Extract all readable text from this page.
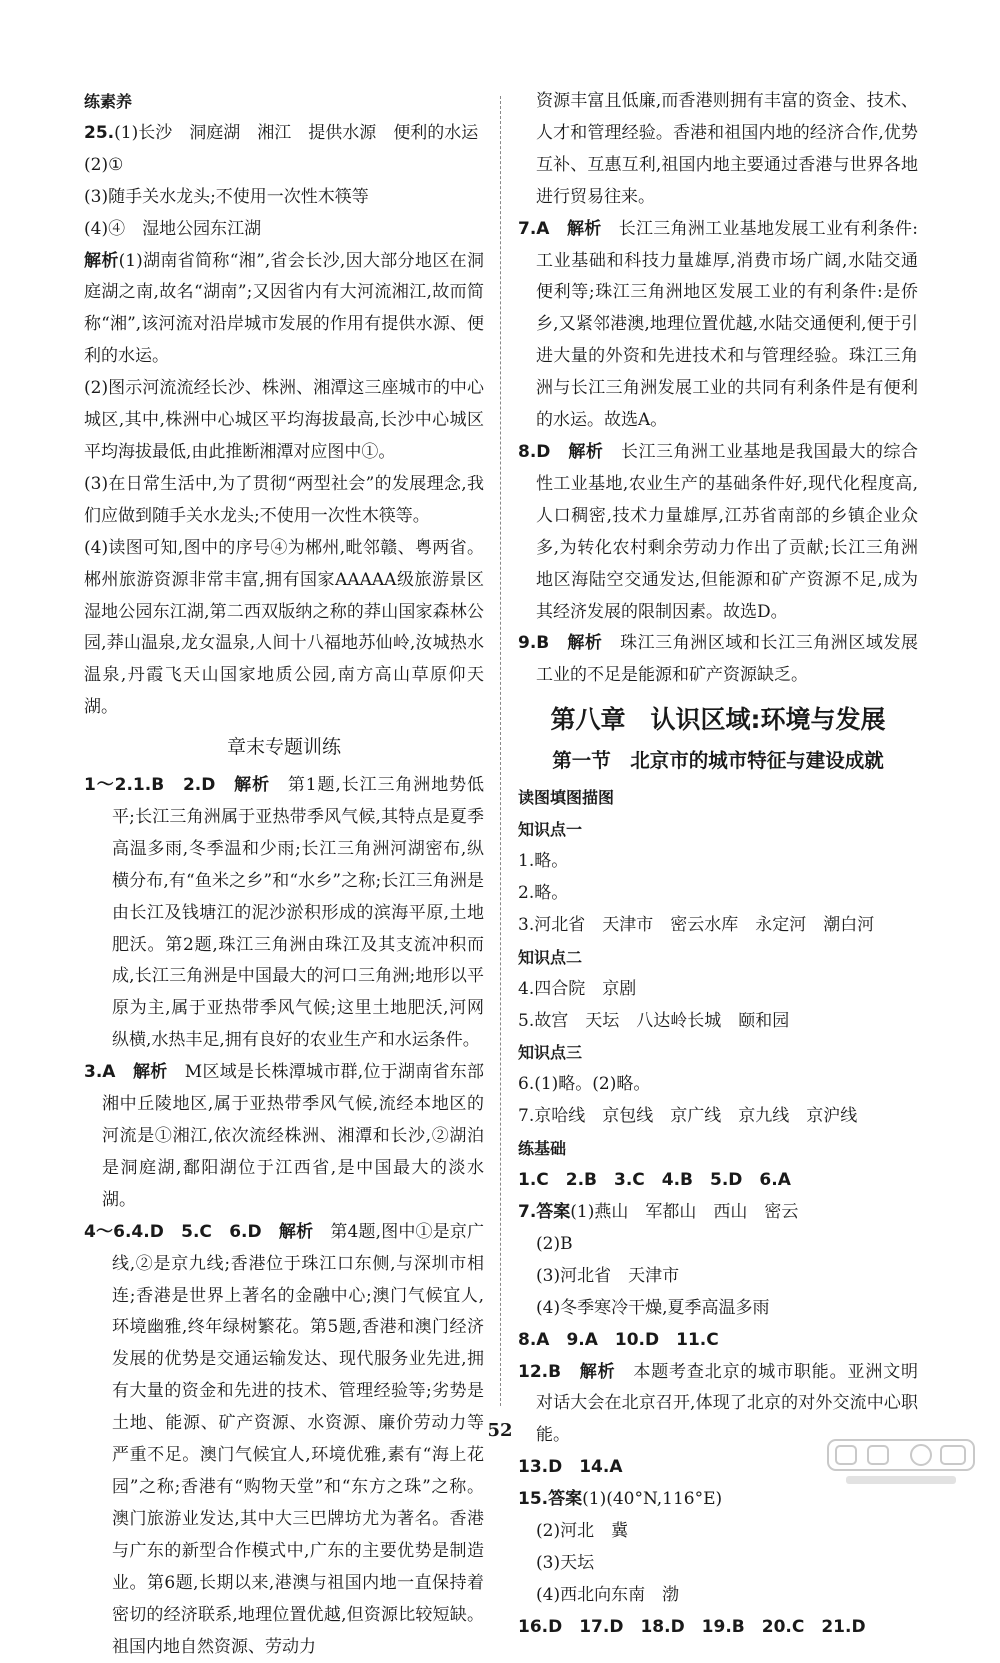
练素养

25.(1)长沙　洞庭湖　湘江　提供水源　便利的水运

(2)①

(3)随手关水龙头;不使用一次性木筷等

(4)④　湿地公园东江湖

解析(1)湖南省简称“湘”,省会长沙,因大部分地区在洞庭湖之南,故名“湖南”;又因省内有大河流湘江,故而简称“湘”,该河流对沿岸城市发展的作用有提供水源、便利的水运。

(2)图示河流流经长沙、株洲、湘潭这三座城市的中心城区,其中,株洲中心城区平均海拔最高,长沙中心城区平均海拔最低,由此推断湘潭对应图中①。

(3)在日常生活中,为了贯彻“两型社会”的发展理念,我们应做到随手关水龙头;不使用一次性木筷等。

(4)读图可知,图中的序号④为郴州,毗邻赣、粤两省。郴州旅游资源非常丰富,拥有国家AAAAA级旅游景区湿地公园东江湖,第二西双版纳之称的莽山国家森林公园,莽山温泉,龙女温泉,人间十八福地苏仙岭,汝城热水温泉,丹霞飞天山国家地质公园,南方高山草原仰天湖。

章末专题训练

1～2.1.B　2.D　 解析　 第1题,长江三角洲地势低平;长江三角洲属于亚热带季风气候,其特点是夏季高温多雨,冬季温和少雨;长江三角洲河湖密布,纵横分布,有“鱼米之乡”和“水乡”之称;长江三角洲是由长江及钱塘江的泥沙淤积形成的滨海平原,土地肥沃。第2题,珠江三角洲由珠江及其支流冲积而成,长江三角洲是中国最大的河口三角洲;地形以平原为主,属于亚热带季风气候;这里土地肥沃,河网纵横,水热丰足,拥有良好的农业生产和水运条件。

3.A　 解析　 M区域是长株潭城市群,位于湖南省东部湘中丘陵地区,属于亚热带季风气候,流经本地区的河流是①湘江,依次流经株洲、湘潭和长沙,②湖泊是洞庭湖,鄱阳湖位于江西省,是中国最大的淡水湖。

4～6.4.D　5.C　6.D　 解析　 第4题,图中①是京广线,②是京九线;香港位于珠江口东侧,与深圳市相连;香港是世界上著名的金融中心;澳门气候宜人,环境幽雅,终年绿树繁花。第5题,香港和澳门经济发展的优势是交通运输发达、现代服务业先进,拥有大量的资金和先进的技术、管理经验等;劣势是土地、能源、矿产资源、水资源、廉价劳动力等严重不足。澳门气候宜人,环境优雅,素有“海上花园”之称;香港有“购物天堂”和“东方之珠”之称。澳门旅游业发达,其中大三巴牌坊尤为著名。香港与广东的新型合作模式中,广东的主要优势是制造业。第6题,长期以来,港澳与祖国内地一直保持着密切的经济联系,地理位置优越,但资源比较短缺。祖国内地自然资源、劳动力

资源丰富且低廉,而香港则拥有丰富的资金、技术、人才和管理经验。香港和祖国内地的经济合作,优势互补、互惠互利,祖国内地主要通过香港与世界各地进行贸易往来。

7.A　 解析　 长江三角洲工业基地发展工业有利条件:工业基础和科技力量雄厚,消费市场广阔,水陆交通便利等;珠江三角洲地区发展工业的有利条件:是侨乡,又紧邻港澳,地理位置优越,水陆交通便利,便于引进大量的外资和先进技术和与管理经验。珠江三角洲与长江三角洲发展工业的共同有利条件是有便利的水运。故选A。

8.D　 解析　 长江三角洲工业基地是我国最大的综合性工业基地,农业生产的基础条件好,现代化程度高,人口稠密,技术力量雄厚,江苏省南部的乡镇企业众多,为转化农村剩余劳动力作出了贡献;长江三角洲地区海陆空交通发达,但能源和矿产资源不足,成为其经济发展的限制因素。故选D。

9.B　 解析　 珠江三角洲区域和长江三角洲区域发展工业的不足是能源和矿产资源缺乏。

第八章　认识区域:环境与发展

第一节　北京市的城市特征与建设成就

读图填图描图

知识点一

1.略。

2.略。

3.河北省　天津市　密云水库　永定河　潮白河

知识点二

4.四合院　京剧

5.故宫　天坛　八达岭长城　颐和园

知识点三

6.(1)略。(2)略。

7.京哈线　京包线　京广线　京九线　京沪线

练基础

1.C　2.B　3.C　4.B　5.D　6.A

7.答案(1)燕山　军都山　西山　密云

(2)B

(3)河北省　天津市

(4)冬季寒冷干燥,夏季高温多雨

8.A　9.A　10.D　11.C

12.B　 解析　 本题考查北京的城市职能。亚洲文明对话大会在北京召开,体现了北京的对外交流中心职能。

13.D　14.A

15.答案(1)(40°N,116°E)

(2)河北　冀

(3)天坛

(4)西北向东南　渤

16.D　17.D　18.D　19.B　20.C　21.D

52
